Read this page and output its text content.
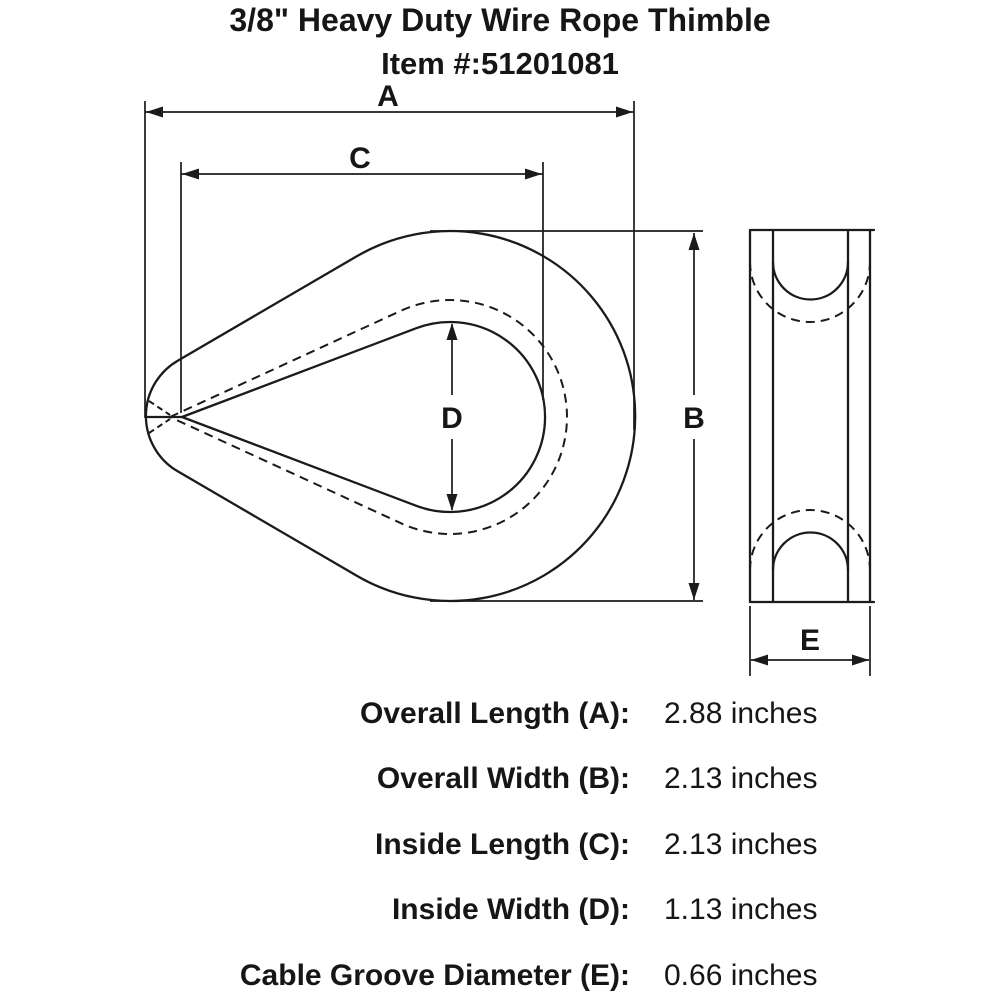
3/8" Heavy Duty Wire Rope Thimble
Item #:51201081
A
C
B
D
E
Overall Length (A): 2.88 inches
Overall Width (B): 2.13 inches
Inside Length (C): 2.13 inches
Inside Width (D): 1.13 inches
Cable Groove Diameter (E): 0.66 inches
